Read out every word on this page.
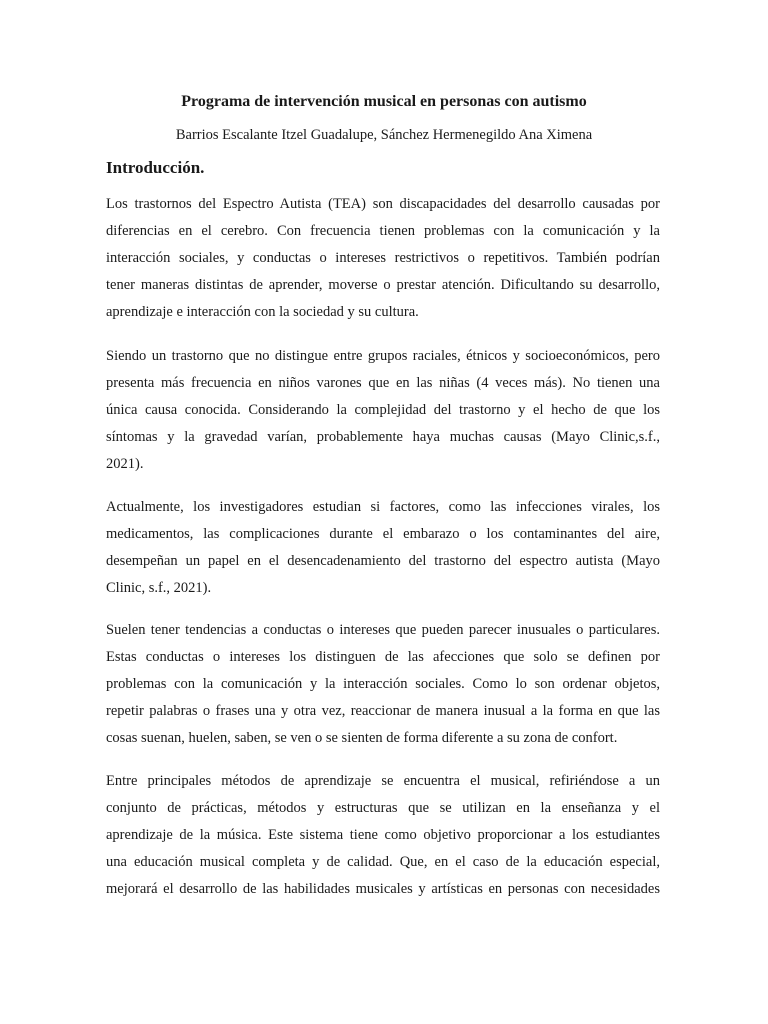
Programa de intervención musical en personas con autismo
Barrios Escalante Itzel Guadalupe, Sánchez Hermenegildo Ana Ximena
Introducción.
Los trastornos del Espectro Autista (TEA) son discapacidades del desarrollo causadas por
diferencias en el cerebro. Con frecuencia tienen problemas con la comunicación y la
interacción sociales, y conductas o intereses restrictivos o repetitivos. También podrían
tener maneras distintas de aprender, moverse o prestar atención. Dificultando su desarrollo,
aprendizaje e interacción con la sociedad y su cultura.
Siendo un trastorno que no distingue entre grupos raciales, étnicos y socioeconómicos, pero
presenta más frecuencia en niños varones que en las niñas (4 veces más). No tienen una
única causa conocida. Considerando la complejidad del trastorno y el hecho de que los
síntomas y la gravedad varían, probablemente haya muchas causas (Mayo Clinic,s.f.,
2021).
Actualmente, los investigadores estudian si factores, como las infecciones virales, los
medicamentos, las complicaciones durante el embarazo o los contaminantes del aire,
desempeñan un papel en el desencadenamiento del trastorno del espectro autista (Mayo
Clinic, s.f., 2021).
Suelen tener tendencias a conductas o intereses que pueden parecer inusuales o particulares.
Estas conductas o intereses los distinguen de las afecciones que solo se definen por
problemas con la comunicación y la interacción sociales. Como lo son ordenar objetos,
repetir palabras o frases una y otra vez, reaccionar de manera inusual a la forma en que las
cosas suenan, huelen, saben, se ven o se sienten de forma diferente a su zona de confort.
Entre principales métodos de aprendizaje se encuentra el musical, refiriéndose a un
conjunto de prácticas, métodos y estructuras que se utilizan en la enseñanza y el
aprendizaje de la música. Este sistema tiene como objetivo proporcionar a los estudiantes
una educación musical completa y de calidad. Que, en el caso de la educación especial,
mejorará el desarrollo de las habilidades musicales y artísticas en personas con necesidades
